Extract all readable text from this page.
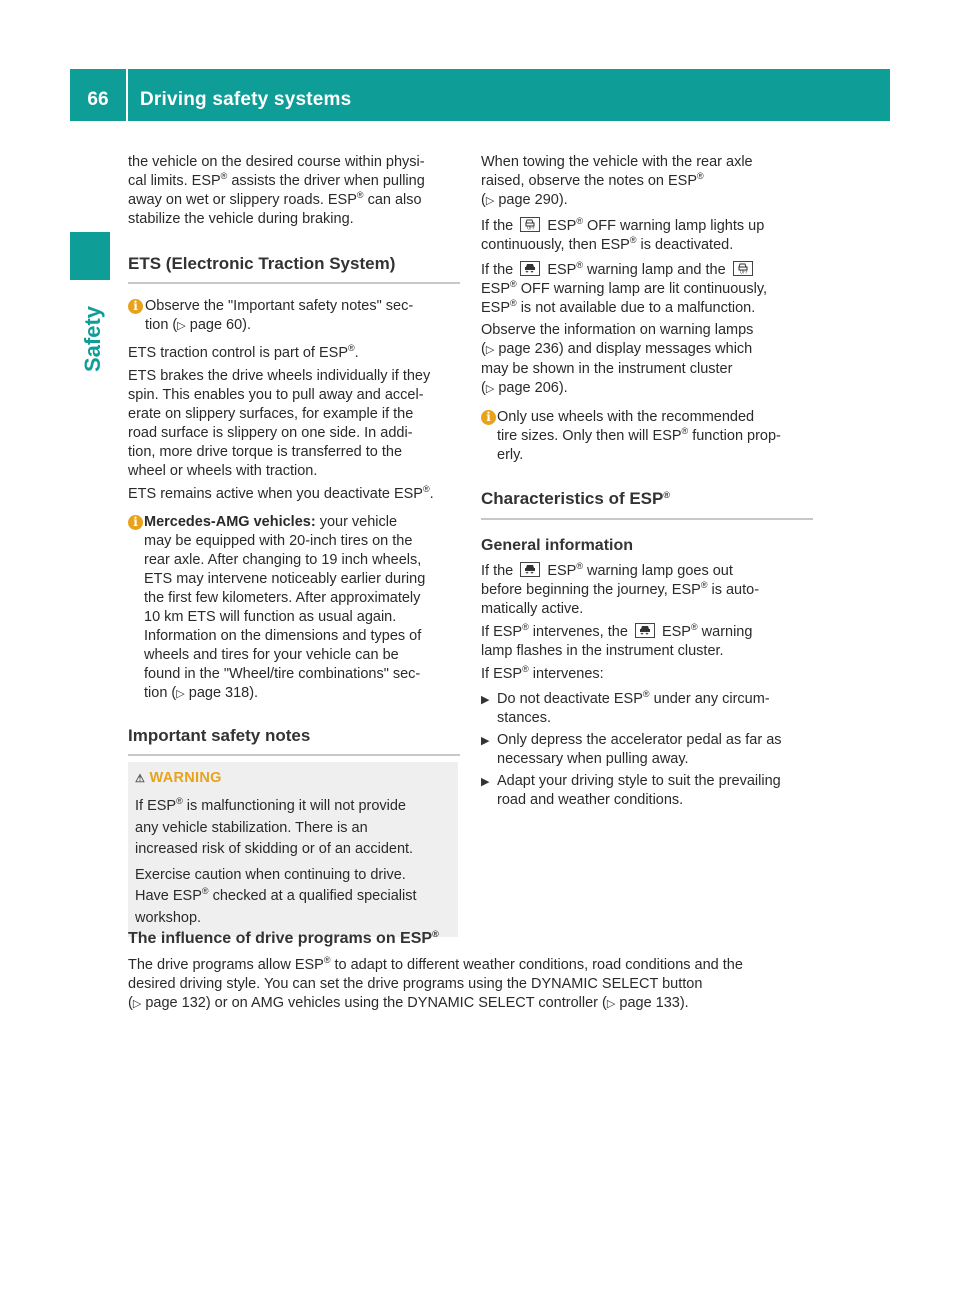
66	Driving safety systems
Safety

the vehicle on the desired course within physi-
cal limits. ESP® assists the driver when pulling
away on wet or slippery roads. ESP® can also
stabilize the vehicle during braking.

ETS (Electronic Traction System)

i Observe the "Important safety notes" sec-
tion (▷ page 60).

ETS traction control is part of ESP®.

ETS brakes the drive wheels individually if they
spin. This enables you to pull away and accel-
erate on slippery surfaces, for example if the
road surface is slippery on one side. In addi-
tion, more drive torque is transferred to the
wheel or wheels with traction.

ETS remains active when you deactivate ESP®.

i Mercedes-AMG vehicles: your vehicle
may be equipped with 20-inch tires on the
rear axle. After changing to 19 inch wheels,
ETS may intervene noticeably earlier during
the first few kilometers. After approximately
10 km ETS will function as usual again.
Information on the dimensions and types of
wheels and tires for your vehicle can be
found in the "Wheel/tire combinations" sec-
tion (▷ page 318).

Important safety notes

⚠ WARNING

If ESP® is malfunctioning it will not provide
any vehicle stabilization. There is an
increased risk of skidding or of an accident.

Exercise caution when continuing to drive.

Have ESP® checked at a qualified specialist
workshop.

When towing the vehicle with the rear axle
raised, observe the notes on ESP®
(▷ page 290).

If the	OFF ESP® OFF warning lamp lights up
continuously, then ESP® is deactivated.

If the ESP® warning lamp and the	OFF

ESP® OFF warning lamp are lit continuously,
ESP® is not available due to a malfunction.

Observe the information on warning lamps
(▷ page 236) and display messages which
may be shown in the instrument cluster
(▷ page 206).

i Only use wheels with the recommended
tire sizes. Only then will ESP® function prop-
erly.

Characteristics of ESP®

General information

If the ESP® warning lamp goes out
before beginning the journey, ESP® is auto-
matically active.

If ESP® intervenes, the ESP® warning
lamp flashes in the instrument cluster.

If ESP® intervenes:

▶ Do not deactivate ESP® under any circum-
stances.
▶ Only depress the accelerator pedal as far as
necessary when pulling away.
▶ Adapt your driving style to suit the prevailing
road and weather conditions.

The influence of drive programs on ESP®

The drive programs allow ESP® to adapt to different weather conditions, road conditions and the
desired driving style. You can set the drive programs using the DYNAMIC SELECT button
(▷ page 132) or on AMG vehicles using the DYNAMIC SELECT controller (▷ page 133).
